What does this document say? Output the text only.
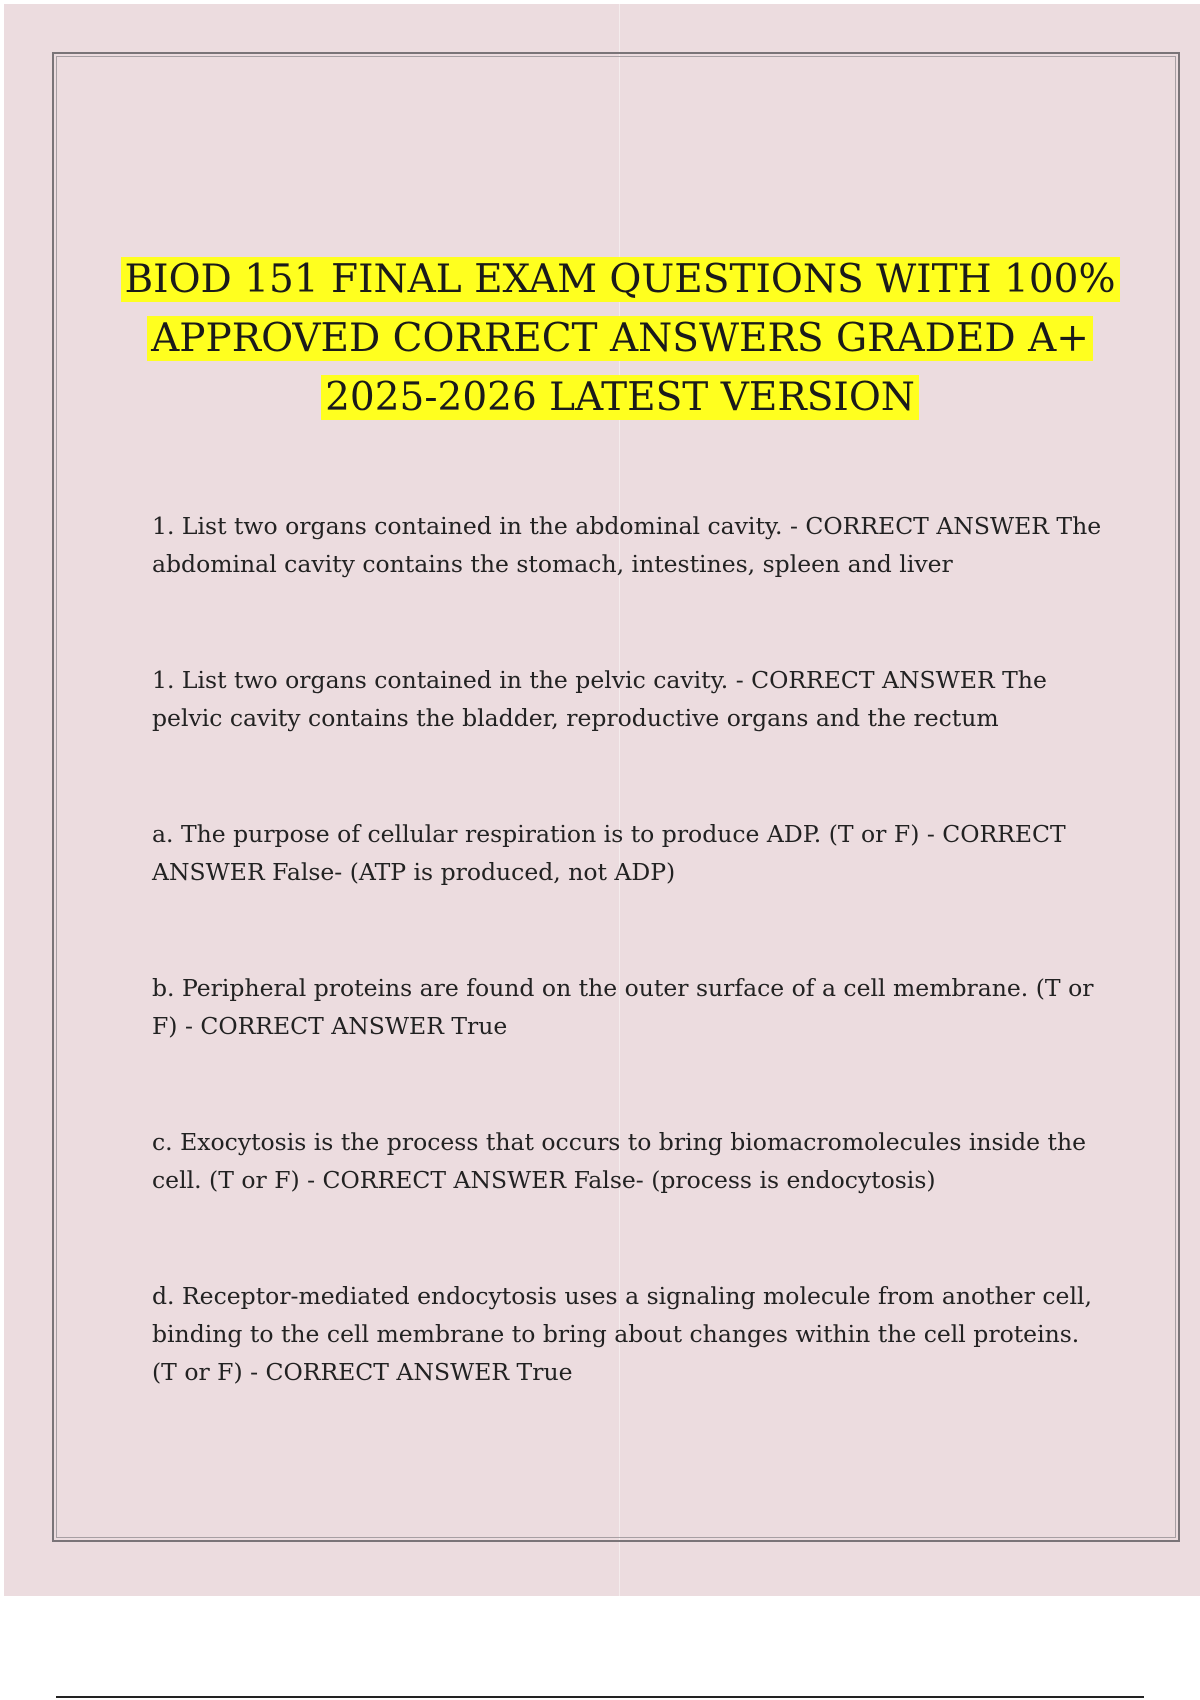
BIOD 151 FINAL EXAM QUESTIONS WITH 100%
APPROVED CORRECT ANSWERS GRADED A+
2025-2026 LATEST VERSION

1. List two organs contained in the abdominal cavity. - CORRECT ANSWER The
abdominal cavity contains the stomach, intestines, spleen and liver

1. List two organs contained in the pelvic cavity. - CORRECT ANSWER The
pelvic cavity contains the bladder, reproductive organs and the rectum

a. The purpose of cellular respiration is to produce ADP. (T or F) - CORRECT
ANSWER False- (ATP is produced, not ADP)

b. Peripheral proteins are found on the outer surface of a cell membrane. (T or
F) - CORRECT ANSWER True

c. Exocytosis is the process that occurs to bring biomacromolecules inside the
cell. (T or F) - CORRECT ANSWER False- (process is endocytosis)

d. Receptor-mediated endocytosis uses a signaling molecule from another cell,
binding to the cell membrane to bring about changes within the cell proteins.
(T or F) - CORRECT ANSWER True
